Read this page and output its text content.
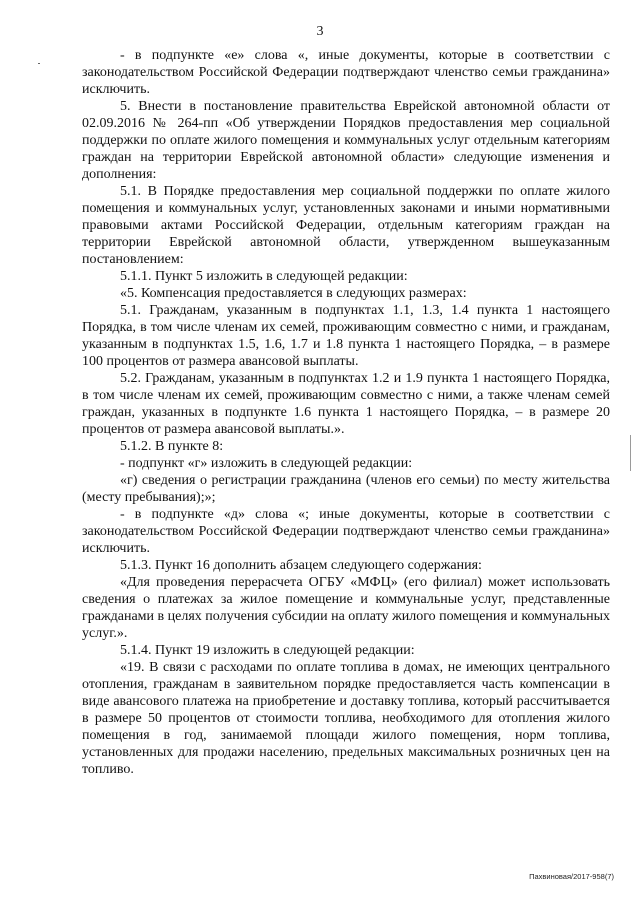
3

- в подпункте «е» слова «, иные документы, которые в соответствии с законодательством Российской Федерации подтверждают членство семьи гражданина» исключить.

5. Внести в постановление правительства Еврейской автономной области от 02.09.2016 № 264-пп «Об утверждении Порядков предоставления мер социальной поддержки по оплате жилого помещения и коммунальных услуг отдельным категориям граждан на территории Еврейской автономной области» следующие изменения и дополнения:

5.1. В Порядке предоставления мер социальной поддержки по оплате жилого помещения и коммунальных услуг, установленных законами и иными нормативными правовыми актами Российской Федерации, отдельным категориям граждан на территории Еврейской автономной области, утвержденном вышеуказанным постановлением:

5.1.1. Пункт 5 изложить в следующей редакции:

«5. Компенсация предоставляется в следующих размерах:

5.1. Гражданам, указанным в подпунктах 1.1, 1.3, 1.4 пункта 1 настоящего Порядка, в том числе членам их семей, проживающим совместно с ними, и гражданам, указанным в подпунктах 1.5, 1.6, 1.7 и 1.8 пункта 1 настоящего Порядка, – в размере 100 процентов от размера авансовой выплаты.

5.2. Гражданам, указанным в подпунктах 1.2 и 1.9 пункта 1 настоящего Порядка, в том числе членам их семей, проживающим совместно с ними, а также членам семей граждан, указанных в подпункте 1.6 пункта 1 настоящего Порядка, – в размере 20 процентов от размера авансовой выплаты.».

5.1.2. В пункте 8:

- подпункт «г» изложить в следующей редакции:

«г) сведения о регистрации гражданина (членов его семьи) по месту жительства (месту пребывания);»;

- в подпункте «д» слова «; иные документы, которые в соответствии с законодательством Российской Федерации подтверждают членство семьи гражданина» исключить.

5.1.3. Пункт 16 дополнить абзацем следующего содержания:

«Для проведения перерасчета ОГБУ «МФЦ» (его филиал) может использовать сведения о платежах за жилое помещение и коммунальные услуг, представленные гражданами в целях получения субсидии на оплату жилого помещения и коммунальных услуг.».

5.1.4. Пункт 19 изложить в следующей редакции:

«19. В связи с расходами по оплате топлива в домах, не имеющих центрального отопления, гражданам в заявительном порядке предоставляется часть компенсации в виде авансового платежа на приобретение и доставку топлива, который рассчитывается в размере 50 процентов от стоимости топлива, необходимого для отопления жилого помещения в год, занимаемой площади жилого помещения, норм топлива, установленных для продажи населению, предельных максимальных розничных цен на топливо.

Пахвиновая/2017-958(7)
